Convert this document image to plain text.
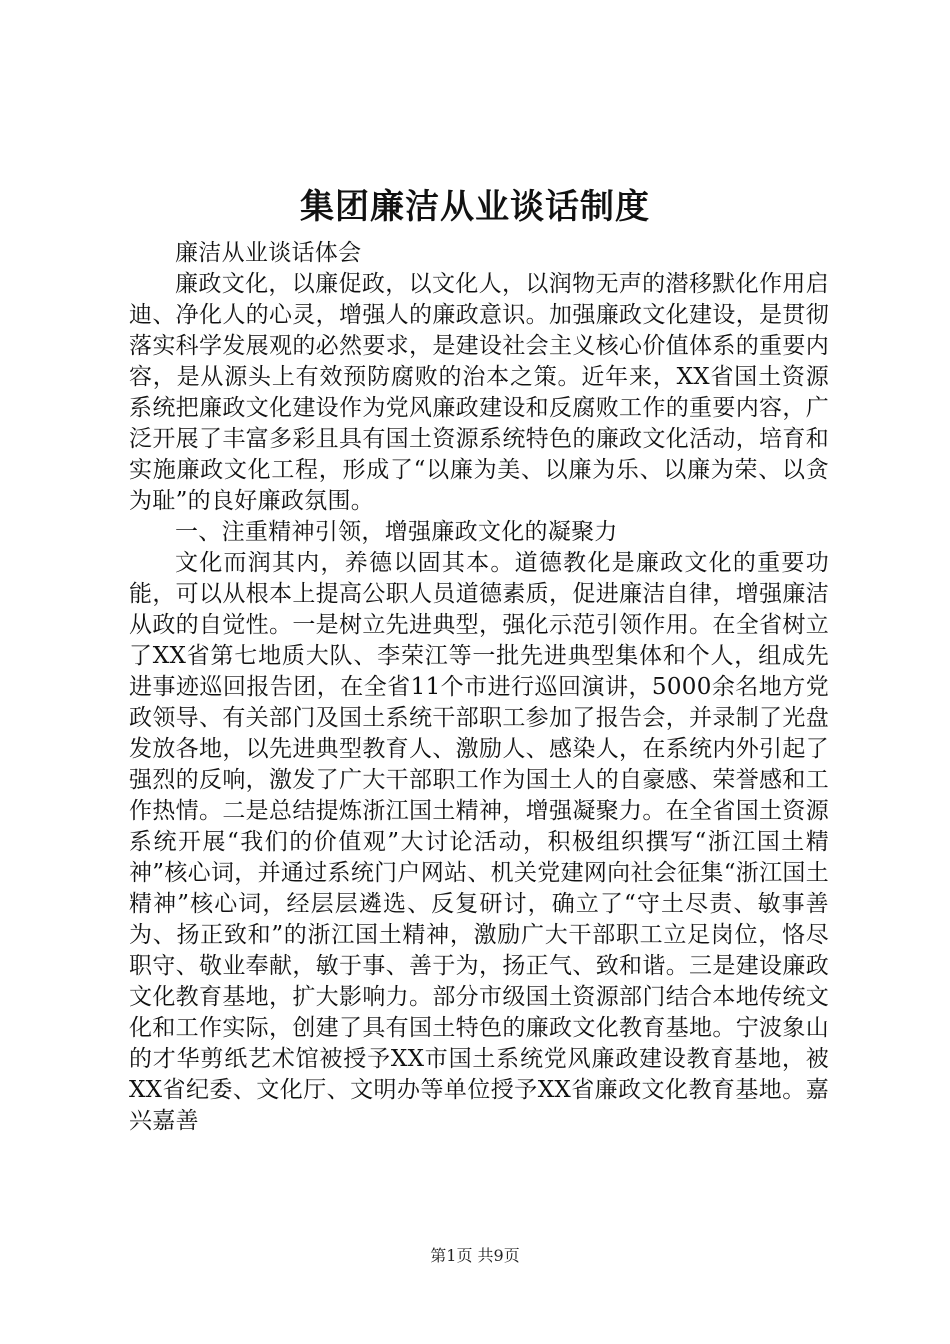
集团廉洁从业谈话制度

廉洁从业谈话体会

廉政文化，以廉促政，以文化人，以润物无声的潜移默化作用启迪、净化人的心灵，增强人的廉政意识。加强廉政文化建设，是贯彻落实科学发展观的必然要求，是建设社会主义核心价值体系的重要内容，是从源头上有效预防腐败的治本之策。近年来，XX省国土资源系统把廉政文化建设作为党风廉政建设和反腐败工作的重要内容，广泛开展了丰富多彩且具有国土资源系统特色的廉政文化活动，培育和实施廉政文化工程，形成了“以廉为美、以廉为乐、以廉为荣、以贪为耻”的良好廉政氛围。

一、注重精神引领，增强廉政文化的凝聚力

文化而润其内，养德以固其本。道德教化是廉政文化的重要功能，可以从根本上提高公职人员道德素质，促进廉洁自律，增强廉洁从政的自觉性。一是树立先进典型，强化示范引领作用。在全省树立了XX省第七地质大队、李荣江等一批先进典型集体和个人，组成先进事迹巡回报告团，在全省11个市进行巡回演讲，5000余名地方党政领导、有关部门及国土系统干部职工参加了报告会，并录制了光盘发放各地，以先进典型教育人、激励人、感染人，在系统内外引起了强烈的反响，激发了广大干部职工作为国土人的自豪感、荣誉感和工作热情。二是总结提炼浙江国土精神，增强凝聚力。在全省国土资源系统开展“我们的价值观”大讨论活动，积极组织撰写“浙江国土精神”核心词，并通过系统门户网站、机关党建网向社会征集“浙江国土精神”核心词，经层层遴选、反复研讨，确立了“守土尽责、敏事善为、扬正致和”的浙江国土精神，激励广大干部职工立足岗位，恪尽职守、敬业奉献，敏于事、善于为，扬正气、致和谐。三是建设廉政文化教育基地，扩大影响力。部分市级国土资源部门结合本地传统文化和工作实际，创建了具有国土特色的廉政文化教育基地。宁波象山的才华剪纸艺术馆被授予XX市国土系统党风廉政建设教育基地，被XX省纪委、文化厅、文明办等单位授予XX省廉政文化教育基地。嘉兴嘉善

第1页 共9页
